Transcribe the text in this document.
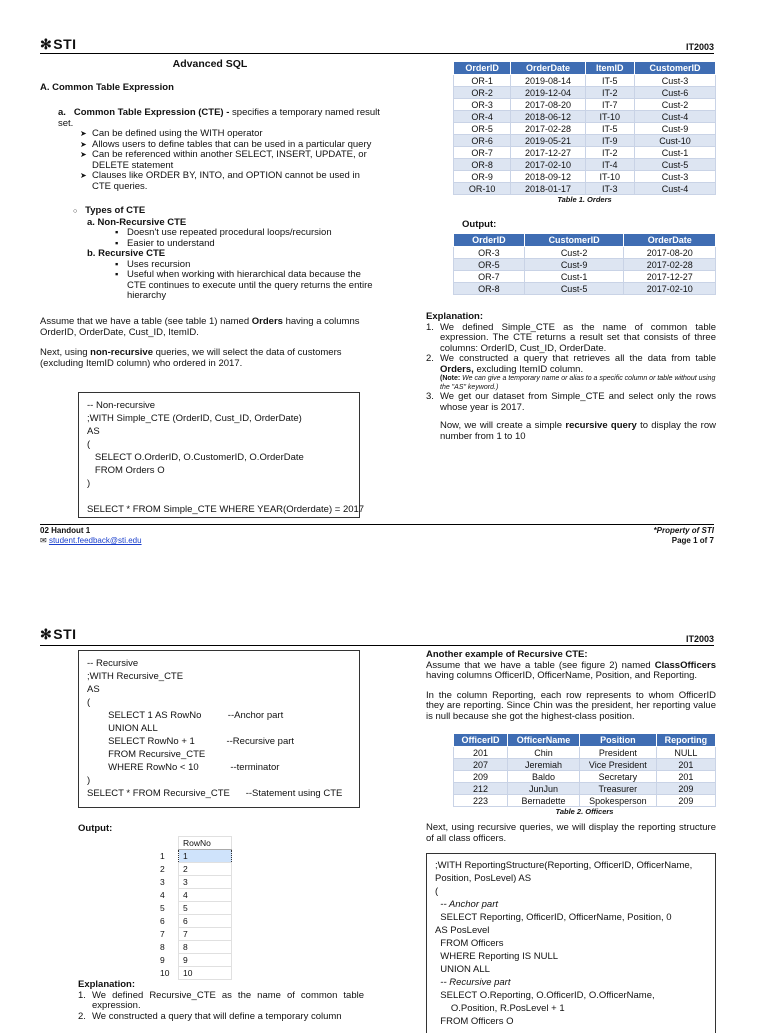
✻STI	IT2003
Advanced SQL
A. Common Table Expression
a. Common Table Expression (CTE) - specifies a temporary named result set.
➤ Can be defined using the WITH operator
➤ Allows users to define tables that can be used in a particular query
➤ Can be referenced within another SELECT, INSERT, UPDATE, or DELETE statement
➤ Clauses like ORDER BY, INTO, and OPTION cannot be used in CTE queries.
○ Types of CTE
a. Non-Recursive CTE
▪ Doesn't use repeated procedural loops/recursion
▪ Easier to understand
b. Recursive CTE
▪ Uses recursion
▪ Useful when working with hierarchical data because the CTE continues to execute until the query returns the entire hierarchy

Assume that we have a table (see table 1) named Orders having a columns OrderID, OrderDate, Cust_ID, ItemID.

Next, using non-recursive queries, we will select the data of customers (excluding ItemID column) who ordered in 2017.

-- Non-recursive
;WITH Simple_CTE (OrderID, Cust_ID, OrderDate)
AS
(
SELECT O.OrderID, O.CustomerID, O.OrderDate
FROM Orders O
)

SELECT * FROM Simple_CTE WHERE YEAR(Orderdate) = 2017
OrderID	OrderDate	ItemID	CustomerID
OR-1	2019-08-14	IT-5	Cust-3
OR-2	2019-12-04	IT-2	Cust-6
OR-3	2017-08-20	IT-7	Cust-2
OR-4	2018-06-12	IT-10	Cust-4
OR-5	2017-02-28	IT-5	Cust-9
OR-6	2019-05-21	IT-9	Cust-10
OR-7	2017-12-27	IT-2	Cust-1
OR-8	2017-02-10	IT-4	Cust-5
OR-9	2018-09-12	IT-10	Cust-3
OR-10	2018-01-17	IT-3	Cust-4
Table 1. Orders
Output:
OrderID	CustomerID	OrderDate
OR-3	Cust-2	2017-08-20
OR-5	Cust-9	2017-02-28
OR-7	Cust-1	2017-12-27
OR-8	Cust-5	2017-02-10
Explanation:
1. We defined Simple_CTE as the name of common table expression. The CTE returns a result set that consists of three columns: OrderID, Cust_ID, OrderDate.
2. We constructed a query that retrieves all the data from table Orders, excluding ItemID column.
(Note: We can give a temporary name or alias to a specific column or table without using the "AS" keyword.)
3. We get our dataset from Simple_CTE and select only the rows whose year is 2017.
Now, we will create a simple recursive query to display the row number from 1 to 10
02 Handout 1
✉ student.feedback@sti.edu
*Property of STI
Page 1 of 7
✻STI	IT2003
-- Recursive
;WITH Recursive_CTE
AS
(
SELECT 1 AS RowNo          --Anchor part
UNION ALL
SELECT RowNo + 1            --Recursive part
FROM Recursive_CTE
WHERE RowNo < 10            --terminator
)
SELECT * FROM Recursive_CTE      --Statement using CTE
Output:
	RowNo
1	1
2	2
3	3
4	4
5	5
6	6
7	7
8	8
9	9
10	10
Explanation:
1. We defined Recursive_CTE as the name of common table expression.
2. We constructed a query that will define a temporary column
Another example of Recursive CTE:
Assume that we have a table (see figure 2) named ClassOfficers having columns OfficerID, OfficerName, Position, and Reporting.
In the column Reporting, each row represents to whom OfficerID they are reporting. Since Chin was the president, her reporting value is null because she got the highest-class position.
OfficerID	OfficerName	Position	Reporting
201	Chin	President	NULL
207	Jeremiah	Vice President	201
209	Baldo	Secretary	201
212	JunJun	Treasurer	209
223	Bernadette	Spokesperson	209
Table 2. Officers
Next, using recursive queries, we will display the reporting structure of all class officers.
;WITH ReportingStructure(Reporting, OfficerID, OfficerName,
Position, PosLevel) AS
(
-- Anchor part
SELECT Reporting, OfficerID, OfficerName, Position, 0
AS PosLevel
FROM Officers
WHERE Reporting IS NULL
UNION ALL
-- Recursive part
SELECT O.Reporting, O.OfficerID, O.OfficerName,
O.Position, R.PosLevel + 1
FROM Officers O
